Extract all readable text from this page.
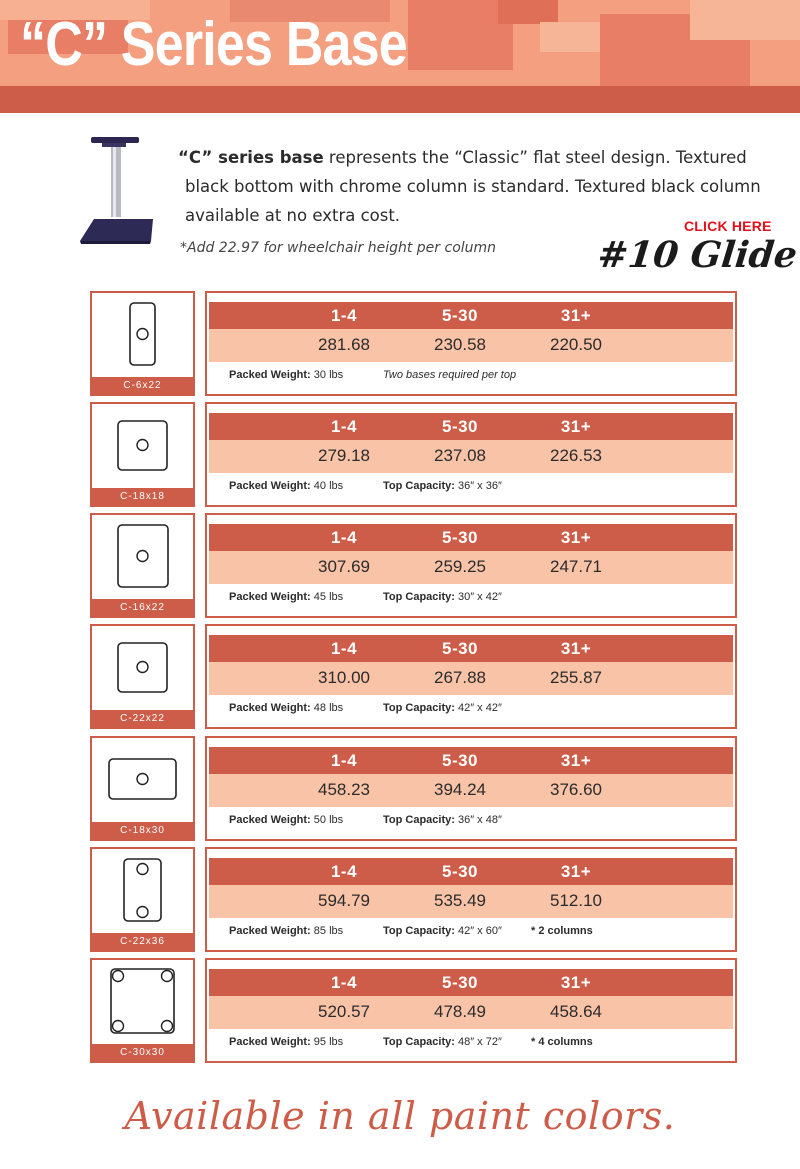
“C” Series Base
“C” series base represents the “Classic” flat steel design. Textured
black bottom with chrome column is standard. Textured black column
available at no extra cost.
*Add 22.97 for wheelchair height per column
CLICK HERE
#10 Glide
C-6x22
1-4	5-30	31+
281.68	230.58	220.50
Packed Weight: 30 lbs	Two bases required per top
C-18x18
1-4	5-30	31+
279.18	237.08	226.53
Packed Weight: 40 lbs	Top Capacity: 36″ x 36″
C-16x22
1-4	5-30	31+
307.69	259.25	247.71
Packed Weight: 45 lbs	Top Capacity: 30″ x 42″
C-22x22
1-4	5-30	31+
310.00	267.88	255.87
Packed Weight: 48 lbs	Top Capacity: 42″ x 42″
C-18x30
1-4	5-30	31+
458.23	394.24	376.60
Packed Weight: 50 lbs	Top Capacity: 36″ x 48″
C-22x36
1-4	5-30	31+
594.79	535.49	512.10
Packed Weight: 85 lbs	Top Capacity: 42″ x 60″	* 2 columns
C-30x30
1-4	5-30	31+
520.57	478.49	458.64
Packed Weight: 95 lbs	Top Capacity: 48″ x 72″	* 4 columns
Available in all paint colors.
